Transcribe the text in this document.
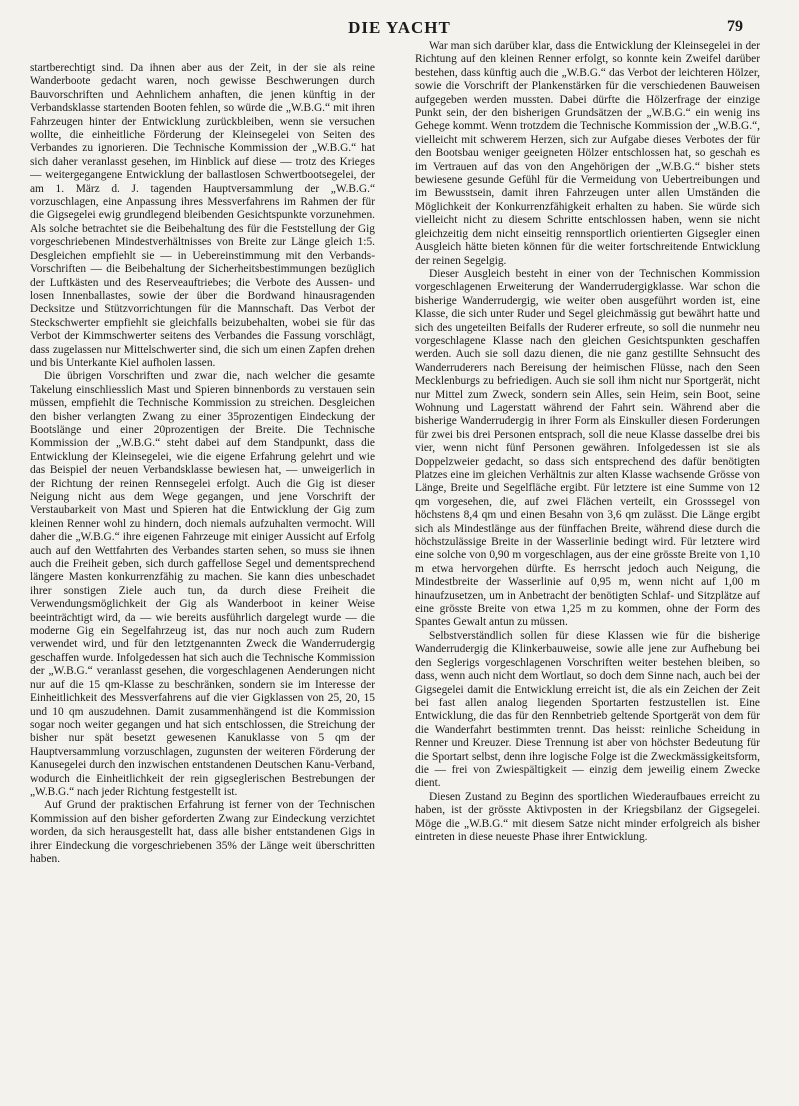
DIE YACHT	79

startberechtigt sind. Da ihnen aber aus der Zeit, in der sie als reine Wanderboote gedacht waren, noch gewisse Beschwerungen durch Bauvorschriften und Aehnlichem anhaften, die jenen künftig in der Verbandsklasse startenden Booten fehlen, so würde die „W.B.G.“ mit ihren Fahrzeugen hinter der Entwicklung zurückbleiben, wenn sie versuchen wollte, die einheitliche Förderung der Kleinsegelei von Seiten des Verbandes zu ignorieren. Die Technische Kommission der „W.B.G.“ hat sich daher veranlasst gesehen, im Hinblick auf diese — trotz des Krieges — weitergegangene Entwicklung der ballastlosen Schwertbootsegelei, der am 1. März d. J. tagenden Hauptversammlung der „W.B.G.“ vorzuschlagen, eine Anpassung ihres Messverfahrens im Rahmen der für die Gigsegelei ewig grundlegend bleibenden Gesichtspunkte vorzunehmen. Als solche betrachtet sie die Beibehaltung des für die Feststellung der Gig vorgeschriebenen Mindestverhältnisses von Breite zur Länge gleich 1:5. Desgleichen empfiehlt sie — in Uebereinstimmung mit den Verbands-Vorschriften — die Beibehaltung der Sicherheitsbestimmungen bezüglich der Luftkästen und des Reserveauftriebes; die Verbote des Aussen- und losen Innenballastes, sowie der über die Bordwand hinausragenden Decksitze und Stützvorrichtungen für die Mannschaft. Das Verbot der Steckschwerter empfiehlt sie gleichfalls beizubehalten, wobei sie für das Verbot der Kimmschwerter seitens des Verbandes die Fassung vorschlägt, dass zugelassen nur Mittelschwerter sind, die sich um einen Zapfen drehen und bis Unterkante Kiel aufholen lassen.

Die übrigen Vorschriften und zwar die, nach welcher die gesamte Takelung einschliesslich Mast und Spieren binnenbords zu verstauen sein müssen, empfiehlt die Technische Kommission zu streichen. Desgleichen den bisher verlangten Zwang zu einer 35prozentigen Eindeckung der Bootslänge und einer 20prozentigen der Breite. Die Technische Kommission der „W.B.G.“ steht dabei auf dem Standpunkt, dass die Entwicklung der Kleinsegelei, wie die eigene Erfahrung gelehrt und wie das Beispiel der neuen Verbandsklasse bewiesen hat, — unweigerlich in der Richtung der reinen Rennsegelei erfolgt. Auch die Gig ist dieser Neigung nicht aus dem Wege gegangen, und jene Vorschrift der Verstaubarkeit von Mast und Spieren hat die Entwicklung der Gig zum kleinen Renner wohl zu hindern, doch niemals aufzuhalten vermocht. Will daher die „W.B.G.“ ihre eigenen Fahrzeuge mit einiger Aussicht auf Erfolg auch auf den Wettfahrten des Verbandes starten sehen, so muss sie ihnen auch die Freiheit geben, sich durch gaffellose Segel und dementsprechend längere Masten konkurrenzfähig zu machen. Sie kann dies unbeschadet ihrer sonstigen Ziele auch tun, da durch diese Freiheit die Verwendungsmöglichkeit der Gig als Wanderboot in keiner Weise beeinträchtigt wird, da — wie bereits ausführlich dargelegt wurde — die moderne Gig ein Segelfahrzeug ist, das nur noch auch zum Rudern verwendet wird, und für den letztgenannten Zweck die Wanderrudergig geschaffen wurde. Infolgedessen hat sich auch die Technische Kommission der „W.B.G.“ veranlasst gesehen, die vorgeschlagenen Aenderungen nicht nur auf die 15 qm-Klasse zu beschränken, sondern sie im Interesse der Einheitlichkeit des Messverfahrens auf die vier Gigklassen von 25, 20, 15 und 10 qm auszudehnen. Damit zusammenhängend ist die Kommission sogar noch weiter gegangen und hat sich entschlossen, die Streichung der bisher nur spät besetzt gewesenen Kanuklasse von 5 qm der Hauptversammlung vorzuschlagen, zugunsten der weiteren Förderung der Kanusegelei durch den inzwischen entstandenen Deutschen Kanu-Verband, wodurch die Einheitlichkeit der rein gigseglerischen Bestrebungen der „W.B.G.“ nach jeder Richtung festgestellt ist.

Auf Grund der praktischen Erfahrung ist ferner von der Technischen Kommission auf den bisher geforderten Zwang zur Eindeckung verzichtet worden, da sich herausgestellt hat, dass alle bisher entstandenen Gigs in ihrer Eindeckung die vorgeschriebenen 35% der Länge weit überschritten haben.

War man sich darüber klar, dass die Entwicklung der Kleinsegelei in der Richtung auf den kleinen Renner erfolgt, so konnte kein Zweifel darüber bestehen, dass künftig auch die „W.B.G.“ das Verbot der leichteren Hölzer, sowie die Vorschrift der Plankenstärken für die verschiedenen Bauweisen aufgegeben werden mussten. Dabei dürfte die Hölzerfrage der einzige Punkt sein, der den bisherigen Grundsätzen der „W.B.G.“ ein wenig ins Gehege kommt. Wenn trotzdem die Technische Kommission der „W.B.G.“, vielleicht mit schwerem Herzen, sich zur Aufgabe dieses Verbotes der für den Bootsbau weniger geeigneten Hölzer entschlossen hat, so geschah es im Vertrauen auf das von den Angehörigen der „W.B.G.“ bisher stets bewiesene gesunde Gefühl für die Vermeidung von Uebertreibungen und im Bewusstsein, damit ihren Fahrzeugen unter allen Umständen die Möglichkeit der Konkurrenzfähigkeit erhalten zu haben. Sie würde sich vielleicht nicht zu diesem Schritte entschlossen haben, wenn sie nicht gleichzeitig dem nicht einseitig rennsportlich orientierten Gigsegler einen Ausgleich hätte bieten können für die weiter fortschreitende Entwicklung der reinen Segelgig.

Dieser Ausgleich besteht in einer von der Technischen Kommission vorgeschlagenen Erweiterung der Wanderrudergigklasse. War schon die bisherige Wanderrudergig, wie weiter oben ausgeführt worden ist, eine Klasse, die sich unter Ruder und Segel gleichmässig gut bewährt hatte und sich des ungeteilten Beifalls der Ruderer erfreute, so soll die nunmehr neu vorgeschlagene Klasse nach den gleichen Gesichtspunkten geschaffen werden. Auch sie soll dazu dienen, die nie ganz gestillte Sehnsucht des Wanderruderers nach Bereisung der heimischen Flüsse, nach den Seen Mecklenburgs zu befriedigen. Auch sie soll ihm nicht nur Sportgerät, nicht nur Mittel zum Zweck, sondern sein Alles, sein Heim, sein Boot, seine Wohnung und Lagerstatt während der Fahrt sein. Während aber die bisherige Wanderrudergig in ihrer Form als Einskuller diesen Forderungen für zwei bis drei Personen entsprach, soll die neue Klasse dasselbe drei bis vier, wenn nicht fünf Personen gewähren. Infolgedessen ist sie als Doppelzweier gedacht, so dass sich entsprechend des dafür benötigten Platzes eine im gleichen Verhältnis zur alten Klasse wachsende Grösse von Länge, Breite und Segelfläche ergibt. Für letztere ist eine Summe von 12 qm vorgesehen, die, auf zwei Flächen verteilt, ein Grosssegel von höchstens 8,4 qm und einen Besahn von 3,6 qm zulässt. Die Länge ergibt sich als Mindestlänge aus der fünffachen Breite, während diese durch die höchstzulässige Breite in der Wasserlinie bedingt wird. Für letztere wird eine solche von 0,90 m vorgeschlagen, aus der eine grösste Breite von 1,10 m etwa hervorgehen dürfte. Es herrscht jedoch auch Neigung, die Mindestbreite der Wasserlinie auf 0,95 m, wenn nicht auf 1,00 m hinaufzusetzen, um in Anbetracht der benötigten Schlaf- und Sitzplätze auf eine grösste Breite von etwa 1,25 m zu kommen, ohne der Form des Spantes Gewalt antun zu müssen.

Selbstverständlich sollen für diese Klassen wie für die bisherige Wanderrudergig die Klinkerbauweise, sowie alle jene zur Aufhebung bei den Seglerigs vorgeschlagenen Vorschriften weiter bestehen bleiben, so dass, wenn auch nicht dem Wortlaut, so doch dem Sinne nach, auch bei der Gigsegelei damit die Entwicklung erreicht ist, die als ein Zeichen der Zeit bei fast allen analog liegenden Sportarten festzustellen ist. Eine Entwicklung, die das für den Rennbetrieb geltende Sportgerät von dem für die Wanderfahrt bestimmten trennt. Das heisst: reinliche Scheidung in Renner und Kreuzer. Diese Trennung ist aber von höchster Bedeutung für die Sportart selbst, denn ihre logische Folge ist die Zweckmässigkeitsform, die — frei von Zwiespältigkeit — einzig dem jeweilig einem Zwecke dient.

Diesen Zustand zu Beginn des sportlichen Wiederaufbaues erreicht zu haben, ist der grösste Aktivposten in der Kriegsbilanz der Gigsegelei. Möge die „W.B.G.“ mit diesem Satze nicht minder erfolgreich als bisher eintreten in diese neueste Phase ihrer Entwicklung.
